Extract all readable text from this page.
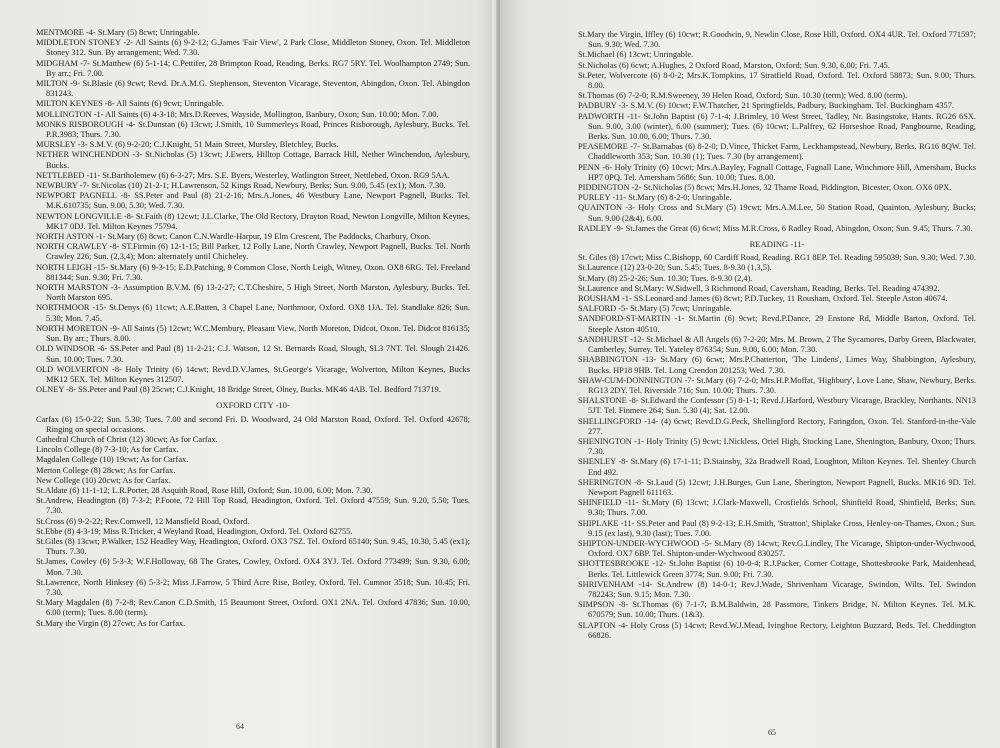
MENTMORE -4- St.Mary (5) 8cwt; Unringable.

MIDDLETON STONEY -2- All Saints (6) 9-2-12; G.James 'Fair View', 2 Park Close, Middleton Stoney, Oxon. Tel. Middleton Stoney 312. Sun. By arrangement; Wed. 7.30.

MIDGHAM -7- St.Matthew (6) 5-1-14; C.Pettifer, 28 Brimpton Road, Reading, Berks. RG7 5RY. Tel. Woolhampton 2749; Sun. By arr.; Fri. 7.00.

MILTON -9- St.Blasie (6) 9cwt; Revd. Dr.A.M.G. Stephenson, Steventon Vicarage, Steventon, Abingdon, Oxon. Tel. Abingdon 831243.

MILTON KEYNES -8- All Saints (6) 9cwt; Unringable.

MOLLINGTON -1- All Saints (6) 4-3-18; Mrs.D.Reeves, Wayside, Mollington, Banbury, Oxon; Sun. 10.00; Mon. 7.00.

MONKS RISBOROUGH -4- St.Dunstan (6) 13cwt; J.Smith, 10 Summerleys Road, Princes Risborough, Aylesbury, Bucks. Tel. P.R.3983; Thurs. 7.30.

MURSLEY -3- S.M.V. (6) 9-2-20; C.J.Knight, 51 Main Street, Mursley, Bletchley, Bucks.

NETHER WINCHENDON -3- St.Nicholas (5) 13cwt; J.Ewers, Hilltop Cottage, Barrack Hill, Nether Winchendon, Aylesbury, Bucks.

NETTLEBED -11- St.Bartholemew (6) 6-3-27; Mrs. S.E. Byers, Westerley, Watlington Street, Nettlebed, Oxon. RG9 5AA.

NEWBURY -7- St.Nicolas (10) 21-2-1; H.Lawrenson, 52 Kings Road, Newbury, Berks; Sun. 9.00, 5.45 (ex1); Mon. 7.30.

NEWPORT PAGNELL -8- SS.Peter and Paul (8) 21-2-16; Mrs.A.Jones, 46 Westbury Lane, Newport Pagnell, Bucks. Tel. M.K.610735; Sun. 9.00, 5.30; Wed. 7.30.

NEWTON LONGVILLE -8- St.Faith (8) 12cwt; J.L.Clarke, The Old Rectory, Drayton Road, Newton Longville, Milton Keynes, MK17 0DJ. Tel. Milton Keynes 75794.

NORTH ASTON -1- St.Mary (6) 8cwt; Canon C.N.Wardle-Harpur, 19 Elm Crescent, The Paddocks, Charbury, Oxon.

NORTH CRAWLEY -8- ST.Firmin (6) 12-1-15; Bill Parker, 12 Folly Lane, North Crawley, Newport Pagnell, Bucks. Tel. North Crawley 226; Sun. (2,3,4); Mon: alternately until Chicheley.

NORTH LEIGH -15- St.Mary (6) 9-3-15; E.D.Patching, 9 Common Close, North Leigh, Witney, Oxon. OX8 6RG. Tel. Freeland 881344; Sun. 9.30; Fri. 7.30.

NORTH MARSTON -3- Assumption B.V.M. (6) 13-2-27; C.T.Cheshire, 5 High Street, North Marston, Aylesbury, Bucks. Tel. North Marston 695.

NORTHMOOR -15- St.Denys (6) 11cwt; A.E.Batten, 3 Chapel Lane, Northmoor, Oxford. OX8 1JA. Tel. Standlake 826; Sun. 5.30; Mon. 7.45.

NORTH MORETON -9- All Saints (5) 12cwt; W.C.Membury, Pleasant View, North Moreton, Didcot, Oxon. Tel. Didcot 816135; Sun. By arr.; Thurs. 8.00.

OLD WINDSOR -6- SS.Peter and Paul (8) 11-2-21; C.J. Watson, 12 St. Bernards Road, Slough, SL3 7NT. Tel. Slough 21426. Sun. 10.00; Tues. 7.30.

OLD WOLVERTON -8- Holy Trinity (6) 14cwt; Revd.D.V.James, St.George's Vicarage, Wolverton, Milton Keynes, Bucks MK12 5EX. Tel. Milton Keynes 312507.

OLNEY -8- SS.Peter and Paul (8) 25cwt; C.J.Knight, 18 Bridge Street, Olney, Bucks. MK46 4AB. Tel. Bedford 713719.

OXFORD CITY -10-

Carfax (6) 15-0-22; Sun. 5.30; Tues. 7.00 and second Fri. D. Woodward, 24 Old Marston Road, Oxford. Tel. Oxford 42678; Ringing on special occasions.

Cathedral Church of Christ (12) 30cwt; As for Carfax.

Lincoln College (8) 7-3-10; As for Carfax.

Magdalen College (10) 19cwt; As for Carfax.

Merton College (8) 28cwt; As for Carfax.

New College (10) 20cwt; As for Carfax.

St.Aldate (6) 11-1-12; L.R.Porter, 28 Asquith Road, Rose Hill, Oxford; Sun. 10.00, 6.00; Mon. 7.30.

St.Andrew, Headington (8) 7-3-2; P.Foote, 72 Hill Top Road, Headington, Oxford. Tel. Oxford 47559; Sun. 9.20, 5.50; Tues. 7.30.

St.Cross (6) 9-2-22; Rev.Comwell, 12 Mansfield Road, Oxford.

St.Ebbe (8) 4-3-19; Miss R.Tricker, 4 Weyland Road, Headington, Oxford. Tel. Oxford 62755.

St.Giles (8) 13cwt; P.Walker, 152 Headley Way, Headington, Oxford. OX3 7SZ. Tel. Oxford 65140; Sun. 9.45, 10.30, 5.45 (ex1); Thurs. 7.30.

St.James, Cowley (6) 5-3-3; W.F.Holloway, 68 The Grates, Cowley, Oxford. OX4 3YJ. Tel. Oxford 773499; Sun. 9.30, 6.00; Mon. 7.30.

St.Lawrence, North Hinksey (6) 5-3-2; Miss J.Farrow, 5 Third Acre Rise, Botley, Oxford. Tel. Cumnor 3518; Sun. 10.45; Fri. 7.30.

St.Mary Magdalen (8) 7-2-8; Rev.Canon C.D.Smith, 15 Beaumont Street, Oxford. OX1 2NA. Tel. Oxford 47836; Sun. 10.00, 6.00 (term); Tues. 8.00 (term).

St.Mary the Virgin (8) 27cwt; As for Carfax.

64

St.Mary the Virgin, Iffley (6) 10cwt; R.Goodwin, 9, Newlin Close, Rose Hill, Oxford. OX4 4UR. Tel. Oxford 771597; Sun. 9.30; Wed. 7.30.

St.Michael (6) 13cwt; Unringable.

St.Nicholas (6) 6cwt; A.Hughes, 2 Oxford Road, Marston, Oxford; Sun. 9.30, 6.00; Fri. 7.45.

St.Peter, Wolvercote (6) 8-0-2; Mrs.K.Tompkins, 17 Stratfield Road, Oxford. Tel. Oxford 58873; Sun. 9.00; Thurs. 8.00.

St.Thomas (6) 7-2-0; R.M.Sweeney, 39 Helen Road, Oxford; Sun. 10.30 (term); Wed. 8.00 (term).

PADBURY -3- S.M.V. (6) 10cwt; F.W.Thatcher, 21 Springfields, Padbury, Buckingham. Tel. Buckingham 4357.

PADWORTH -11- St.John Baptist (6) 7-1-4; J.Brimley, 10 West Street, Tadley, Nr. Basingstoke, Hants. RG26 6SX. Sun. 9.00, 3.00 (winter), 6.00 (summer); Tues. (6) 10cwt; L.Palfrey, 62 Horseshoe Road, Pangbourne, Reading, Berks. Sun. 10.00, 6.00; Thurs. 7.30.

PEASEMORE -7- St.Barnabas (6) 8-2-0; D.Vince, Thicket Farm, Leckhampstead, Newbury, Berks. RG16 8QW. Tel. Chaddleworth 353; Sun. 10.30 (1); Tues. 7.30 (by arrangement).

PENN -6- Holy Trinity (6) 10cwt; Mrs.A.Bayley, Fagnall Cottage, Fagnall Lane, Winchmore Hill, Amersham, Bucks HP7 0PQ. Tel. Amersham 5686; Sun. 10.00; Tues. 8.00.

PIDDINGTON -2- St.Nicholas (5) 8cwt; Mrs.H.Jones, 32 Thame Road, Piddington, Bicester, Oxon. OX6 0PX.

PURLEY -11- St.Mary (6) 8-2-0; Unringable.

QUAINTON -3- Holy Cross and St.Mary (5) 19cwt; Mrs.A.M.Lee, 50 Station Road, Quainton, Aylesbury, Bucks; Sun. 9.00 (2&4), 6.00.

RADLEY -9- St.James the Great (6) 6cwt; Miss M.R.Cross, 6 Radley Road, Abingdon, Oxon; Sun. 9.45; Thurs. 7.30.

READING -11-

St. Giles (8) 17cwt; Miss C.Bishopp, 60 Cardiff Road, Reading. RG1 8EP. Tel. Reading 595039; Sun. 9.30; Wed. 7.30.

St.Laurence (12) 23-0-20; Sun. 5.45; Tues. 8-9.30 (1,3,5).

St.Mary (8) 25-2-26; Sun. 10.30; Tues. 8-9.30 (2,4).

St.Laurence and St.Mary: W.Sidwell, 3 Richmond Road, Caversham, Reading, Berks. Tel. Reading 474392.

ROUSHAM -1- SS.Leonard and James (6) 8cwt; P.D.Tuckey, 11 Rousham, Oxford. Tel. Steeple Aston 40674.

SALFORD -5- St.Mary (5) 7cwt; Unringable.

SANDFORD-ST-MARTIN -1- St.Martin (6) 9cwt; Revd.P.Dance, 29 Enstone Rd, Middle Barton, Oxford. Tel. Steeple Aston 40510.

SANDHURST -12- St.Michael & All Angels (6) 7-2-20; Mrs. M. Brown, 2 The Sycamores, Darby Green, Blackwater, Camberley, Surrey. Tel. Yateley 876354; Sun. 9.00, 6.00; Mon. 7.30.

SHABBINGTON -13- St.Mary (6) 6cwt; Mrs.P.Chatterton, 'The Lindens', Limes Way, Shabbington, Aylesbury, Bucks. HP18 9HB. Tel. Long Crendon 201253; Wed. 7.30.

SHAW-CUM-DONNINGTON -7- St.Mary (6) 7-2-0; Mrs.H.P.Moffat, 'Highbury', Love Lane, Shaw, Newbury, Berks. RG13 2DY. Tel. Riverside 716; Sun. 10.00; Thurs. 7.30.

SHALSTONE -8- St.Edward the Confessor (5) 8-1-1; Revd.J.Harford, Westbury Vicarage, Brackley, Northants. NN13 5JT. Tel. Finmere 264; Sun. 5.30 (4); Sat. 12.00.

SHELLINGFORD -14- (4) 6cwt; Revd.D.G.Peck, Shellingford Rectory, Faringdon, Oxon. Tel. Stanford-in-the-Vale 277.

SHENINGTON -1- Holy Trinity (5) 9cwt; I.Nickless, Oriel High, Stocking Lane, Shenington, Banbury, Oxon; Thurs. 7.30.

SHENLEY -8- St.Mary (6) 17-1-11; D.Stainsby, 32a Bradwell Road, Loughton, Milton Keynes. Tel. Shenley Church End 492.

SHERINGTON -8- St.Laud (5) 12cwt; J.H.Burges, Gun Lane, Sherington, Newport Pagnell, Bucks. MK16 9D. Tel. Newport Pagnell 611163.

SHINFIELD -11- St.Mary (6) 13cwt; J.Clark-Maxwell, Crosfields School, Shinfield Road, Shinfield, Berks; Sun. 9.30; Thurs. 7.00.

SHIPLAKE -11- SS.Peter and Paul (8) 9-2-13; E.H.Smith, 'Stratton', Shiplake Cross, Henley-on-Thames, Oxon.; Sun. 9.15 (ex last), 9.30 (last); Tues. 7.00.

SHIPTON-UNDER-WYCHWOOD -5- St.Mary (8) 14cwt; Rev.G.Lindley, The Vicarage, Shipton-under-Wychwood, Oxford. OX7 6BP. Tel. Shipton-under-Wychwood 830257.

SHOTTESBROOKE -12- St.John Baptist (6) 10-0-4; R.J.Packer, Corner Cottage, Shottesbrooke Park, Maidenhead, Berks. Tel. Littlewick Green 3774; Sun. 9.00; Fri. 7.30.

SHRIVENHAM -14- St.Andrew (8) 14-0-1; Rev.J.Wade, Shrivenham Vicarage, Swindon, Wilts. Tel. Swindon 782243; Sun. 9.15; Mon. 7.30.

SIMPSON -8- St.Thomas (6) 7-1-7; B.M.Baldwin, 28 Passmore, Tinkers Bridge, N. Milton Keynes. Tel. M.K. 670579; Sun. 10.00; Thurs. (1&3).

SLAPTON -4- Holy Cross (5) 14cwt; Revd.W.J.Mead, Ivinghoe Rectory, Leighton Buzzard, Beds. Tel. Cheddington 66826.

65
